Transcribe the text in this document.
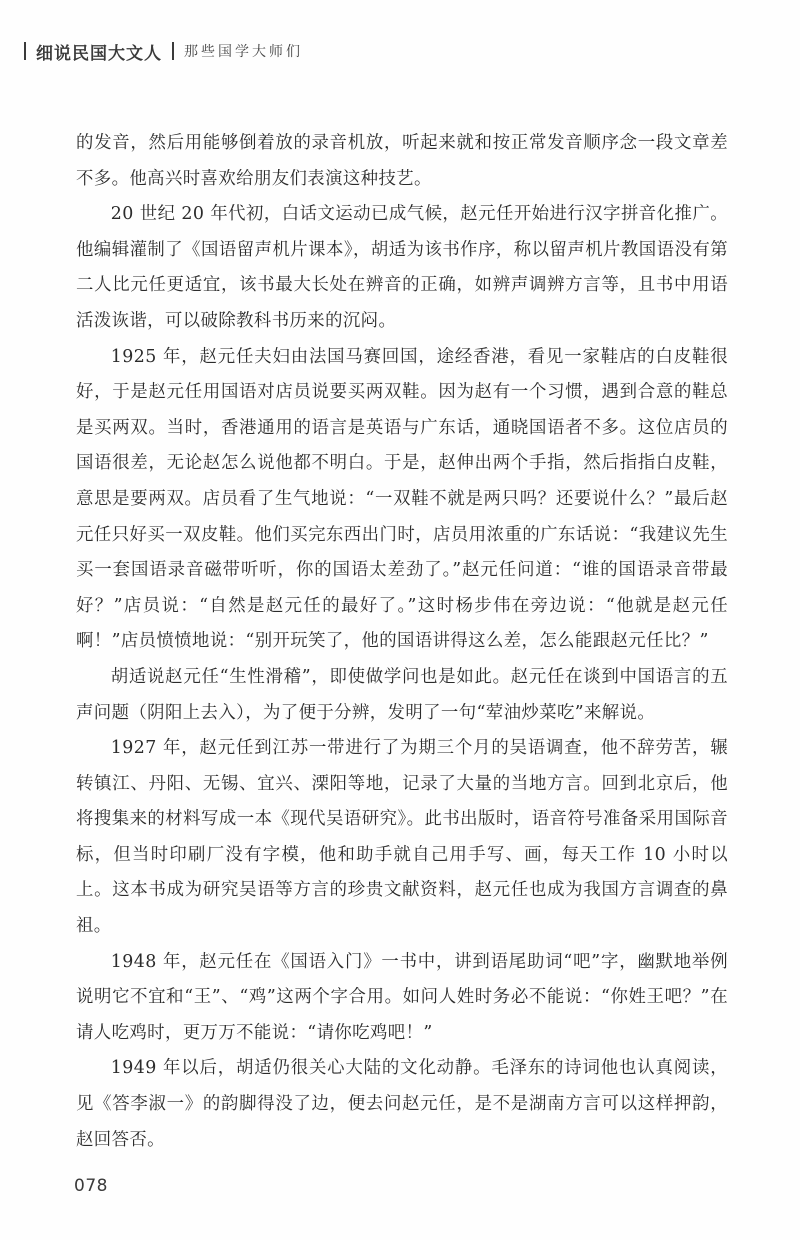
细说民国大文人 那些国学大师们

的发音，然后用能够倒着放的录音机放，听起来就和按正常发音顺序念一段文章差不多。他高兴时喜欢给朋友们表演这种技艺。

20 世纪 20 年代初，白话文运动已成气候，赵元任开始进行汉字拼音化推广。他编辑灌制了《国语留声机片课本》，胡适为该书作序，称以留声机片教国语没有第二人比元任更适宜，该书最大长处在辨音的正确，如辨声调辨方言等，且书中用语活泼诙谐，可以破除教科书历来的沉闷。

1925 年，赵元任夫妇由法国马赛回国，途经香港，看见一家鞋店的白皮鞋很好，于是赵元任用国语对店员说要买两双鞋。因为赵有一个习惯，遇到合意的鞋总是买两双。当时，香港通用的语言是英语与广东话，通晓国语者不多。这位店员的国语很差，无论赵怎么说他都不明白。于是，赵伸出两个手指，然后指指白皮鞋，意思是要两双。店员看了生气地说：“一双鞋不就是两只吗？还要说什么？”最后赵元任只好买一双皮鞋。他们买完东西出门时，店员用浓重的广东话说：“我建议先生买一套国语录音磁带听听，你的国语太差劲了。”赵元任问道：“谁的国语录音带最好？”店员说：“自然是赵元任的最好了。”这时杨步伟在旁边说：“他就是赵元任啊！”店员愤愤地说：“别开玩笑了，他的国语讲得这么差，怎么能跟赵元任比？”

胡适说赵元任“生性滑稽”，即使做学问也是如此。赵元任在谈到中国语言的五声问题（阴阳上去入），为了便于分辨，发明了一句“荤油炒菜吃”来解说。

1927 年，赵元任到江苏一带进行了为期三个月的吴语调查，他不辞劳苦，辗转镇江、丹阳、无锡、宜兴、溧阳等地，记录了大量的当地方言。回到北京后，他将搜集来的材料写成一本《现代吴语研究》。此书出版时，语音符号准备采用国际音标，但当时印刷厂没有字模，他和助手就自己用手写、画，每天工作 10 小时以上。这本书成为研究吴语等方言的珍贵文献资料，赵元任也成为我国方言调查的鼻祖。

1948 年，赵元任在《国语入门》一书中，讲到语尾助词“吧”字，幽默地举例说明它不宜和“王”、“鸡”这两个字合用。如问人姓时务必不能说：“你姓王吧？”在请人吃鸡时，更万万不能说：“请你吃鸡吧！”

1949 年以后，胡适仍很关心大陆的文化动静。毛泽东的诗词他也认真阅读，见《答李淑一》的韵脚得没了边，便去问赵元任，是不是湖南方言可以这样押韵，赵回答否。

078
